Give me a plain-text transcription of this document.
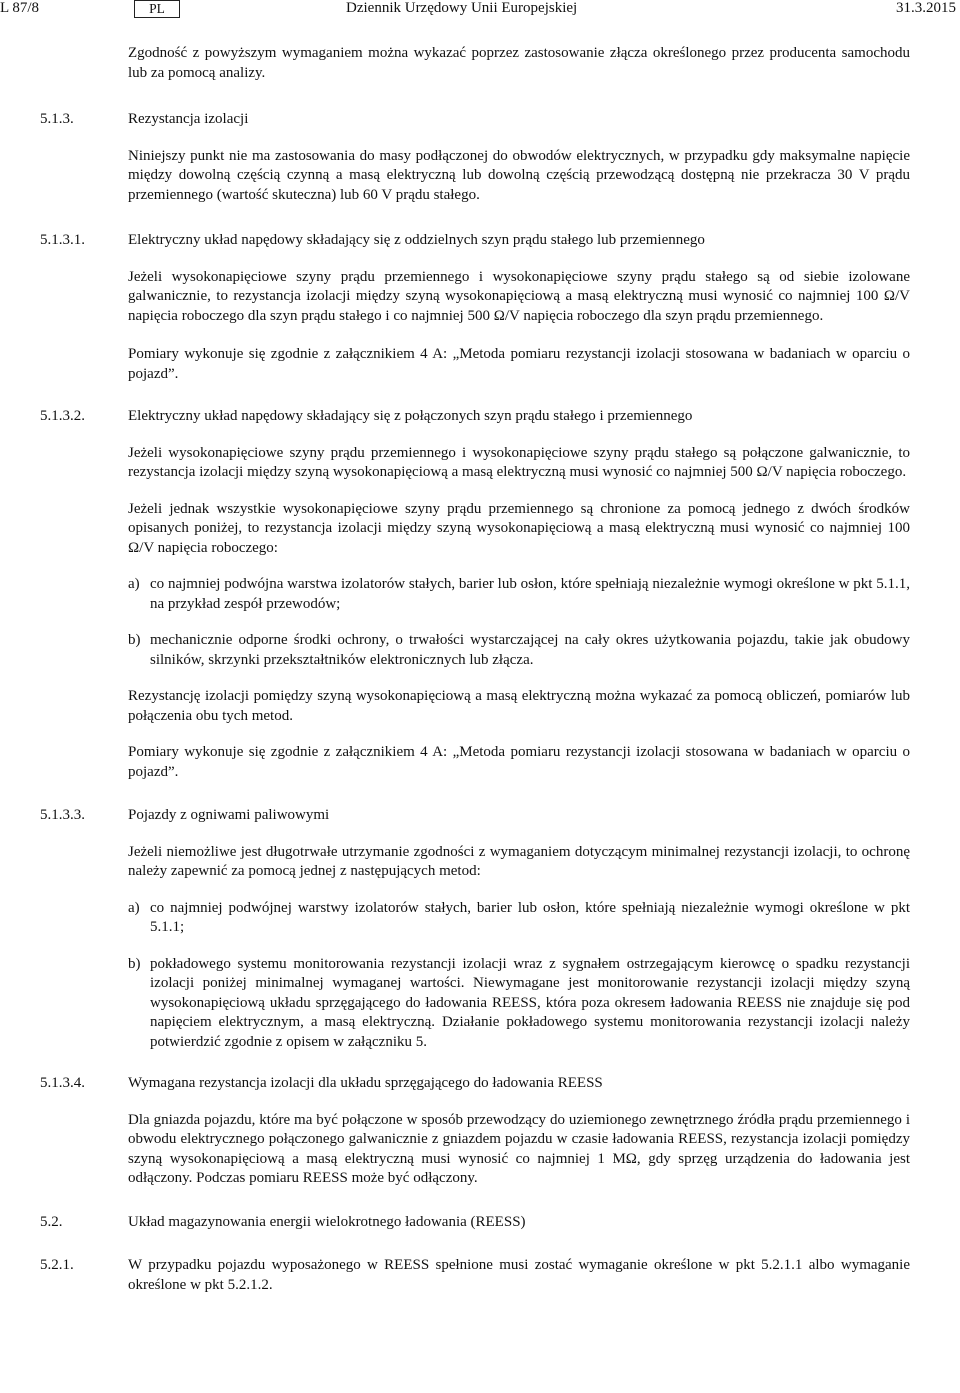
L 87/8	PL	Dziennik Urzędowy Unii Europejskiej	31.3.2015
Zgodność z powyższym wymaganiem można wykazać poprzez zastosowanie złącza określonego przez producenta samochodu lub za pomocą analizy.
5.1.3.	Rezystancja izolacji
Niniejszy punkt nie ma zastosowania do masy podłączonej do obwodów elektrycznych, w przypadku gdy maksymalne napięcie między dowolną częścią czynną a masą elektryczną lub dowolną częścią przewodzącą dostępną nie przekracza 30 V prądu przemiennego (wartość skuteczna) lub 60 V prądu stałego.
5.1.3.1.	Elektryczny układ napędowy składający się z oddzielnych szyn prądu stałego lub przemiennego
Jeżeli wysokonapięciowe szyny prądu przemiennego i wysokonapięciowe szyny prądu stałego są od siebie izolowane galwanicznie, to rezystancja izolacji między szyną wysokonapięciową a masą elektryczną musi wynosić co najmniej 100 Ω/V napięcia roboczego dla szyn prądu stałego i co najmniej 500 Ω/V napięcia roboczego dla szyn prądu przemiennego.
Pomiary wykonuje się zgodnie z załącznikiem 4 A: „Metoda pomiaru rezystancji izolacji stosowana w badaniach w oparciu o pojazd”.
5.1.3.2.	Elektryczny układ napędowy składający się z połączonych szyn prądu stałego i przemiennego
Jeżeli wysokonapięciowe szyny prądu przemiennego i wysokonapięciowe szyny prądu stałego są połączone galwanicznie, to rezystancja izolacji między szyną wysokonapięciową a masą elektryczną musi wynosić co najmniej 500 Ω/V napięcia roboczego.
Jeżeli jednak wszystkie wysokonapięciowe szyny prądu przemiennego są chronione za pomocą jednego z dwóch środków opisanych poniżej, to rezystancja izolacji między szyną wysokonapięciową a masą elektryczną musi wynosić co najmniej 100 Ω/V napięcia roboczego:
a) co najmniej podwójna warstwa izolatorów stałych, barier lub osłon, które spełniają niezależnie wymogi określone w pkt 5.1.1, na przykład zespół przewodów;
b) mechanicznie odporne środki ochrony, o trwałości wystarczającej na cały okres użytkowania pojazdu, takie jak obudowy silników, skrzynki przekształtników elektronicznych lub złącza.
Rezystancję izolacji pomiędzy szyną wysokonapięciową a masą elektryczną można wykazać za pomocą obliczeń, pomiarów lub połączenia obu tych metod.
Pomiary wykonuje się zgodnie z załącznikiem 4 A: „Metoda pomiaru rezystancji izolacji stosowana w badaniach w oparciu o pojazd”.
5.1.3.3.	Pojazdy z ogniwami paliwowymi
Jeżeli niemożliwe jest długotrwałe utrzymanie zgodności z wymaganiem dotyczącym minimalnej rezystancji izolacji, to ochronę należy zapewnić za pomocą jednej z następujących metod:
a) co najmniej podwójnej warstwy izolatorów stałych, barier lub osłon, które spełniają niezależnie wymogi określone w pkt 5.1.1;
b) pokładowego systemu monitorowania rezystancji izolacji wraz z sygnałem ostrzegającym kierowcę o spadku rezystancji izolacji poniżej minimalnej wymaganej wartości. Niewymagane jest monitorowanie rezystancji izolacji między szyną wysokonapięciową układu sprzęgającego do ładowania REESS, która poza okresem ładowania REESS nie znajduje się pod napięciem elektrycznym, a masą elektryczną. Działanie pokładowego systemu monitorowania rezystancji izolacji należy potwierdzić zgodnie z opisem w załączniku 5.
5.1.3.4.	Wymagana rezystancja izolacji dla układu sprzęgającego do ładowania REESS
Dla gniazda pojazdu, które ma być połączone w sposób przewodzący do uziemionego zewnętrznego źródła prądu przemiennego i obwodu elektrycznego połączonego galwanicznie z gniazdem pojazdu w czasie ładowania REESS, rezystancja izolacji pomiędzy szyną wysokonapięciową a masą elektryczną musi wynosić co najmniej 1 MΩ, gdy sprzęg urządzenia do ładowania jest odłączony. Podczas pomiaru REESS może być odłączony.
5.2.	Układ magazynowania energii wielokrotnego ładowania (REESS)
5.2.1.	W przypadku pojazdu wyposażonego w REESS spełnione musi zostać wymaganie określone w pkt 5.2.1.1 albo wymaganie określone w pkt 5.2.1.2.
